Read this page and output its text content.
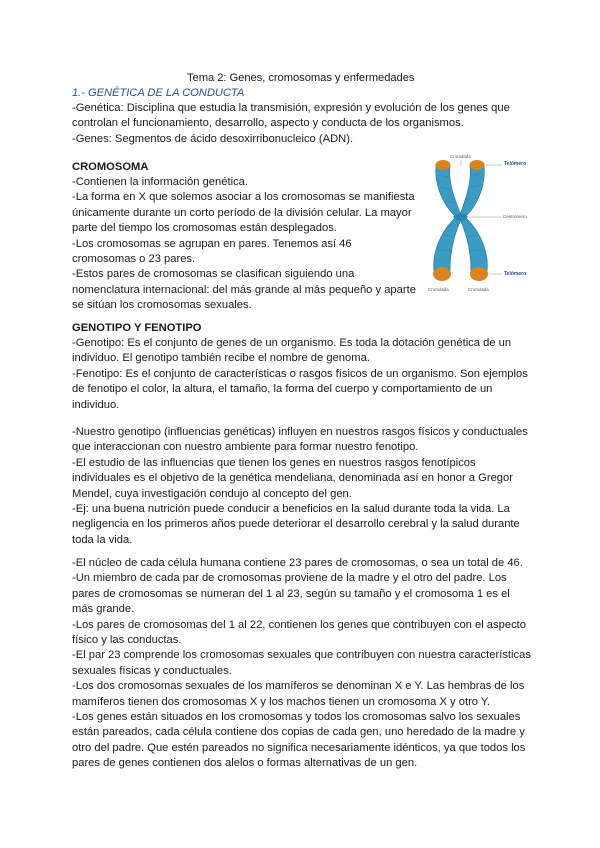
Tema 2: Genes, cromosomas y enfermedades
1.- GENÉTICA DE LA CONDUCTA
-Genética: Disciplina que estudia la transmisión, expresión y evolución de los genes que
controlan el funcionamiento, desarrollo, aspecto y conducta de los organismos.
-Genes: Segmentos de ácido desoxirribonucleico (ADN).
CROMOSOMA
-Contienen la información genética.
-La forma en X que solemos asociar a los cromosomas se manifiesta
únicamente durante un corto período de la división celular. La mayor
parte del tiempo los cromosomas están desplegados.
-Los cromosomas se agrupan en pares. Tenemos así 46
cromosomas o 23 pares.
-Estos pares de cromosomas se clasifican siguiendo una
nomenclatura internacional: del más grande al más pequeño y aparte
se sitúan los cromosomas sexuales.
Cromátida
Centrómero
Cromátida	Cromátida
Telómero
Telómero
GENOTIPO Y FENOTIPO
-Genotipo: Es el conjunto de genes de un organismo. Es toda la dotación genética de un
individuo. El genotipo también recibe el nombre de genoma.
-Fenotipo: Es el conjunto de características o rasgos físicos de un organismo. Son ejemplos
de fenotipo el color, la altura, el tamaño, la forma del cuerpo y comportamiento de un
individuo.
-Nuestro genotipo (influencias genéticas) influyen en nuestros rasgos físicos y conductuales
que interaccionan con nuestro ambiente para formar nuestro fenotipo.
-El estudio de las influencias que tienen los genes en nuestros rasgos fenotípicos
individuales es el objetivo de la genética mendeliana, denominada así en honor a Gregor
Mendel, cuya investigación condujo al concepto del gen.
-Ej: una buena nutrición puede conducir a beneficios en la salud durante toda la vida. La
negligencia en los primeros años puede deteriorar el desarrollo cerebral y la salud durante
toda la vida.
-El núcleo de cada célula humana contiene 23 pares de cromosomas, o sea un total de 46.
-Un miembro de cada par de cromosomas proviene de la madre y el otro del padre. Los
pares de cromosomas se numeran del 1 al 23, según su tamaño y el cromosoma 1 es el
más grande.
-Los pares de cromosomas del 1 al 22, contienen los genes que contribuyen con el aspecto
físico y las conductas.
-El par 23 comprende los cromosomas sexuales que contribuyen con nuestra características
sexuales físicas y conductuales.
-Los dos cromosomas sexuales de los mamíferos se denominan X e Y. Las hembras de los
mamíferos tienen dos cromosomas X y los machos tienen un cromosoma X y otro Y.
-Los genes están situados en los cromosomas y todos los cromosomas salvo los sexuales
están pareados, cada célula contiene dos copias de cada gen, uno heredado de la madre y
otro del padre. Que estén pareados no significa necesariamente idénticos, ya que todos los
pares de genes contienen dos alelos o formas alternativas de un gen.
